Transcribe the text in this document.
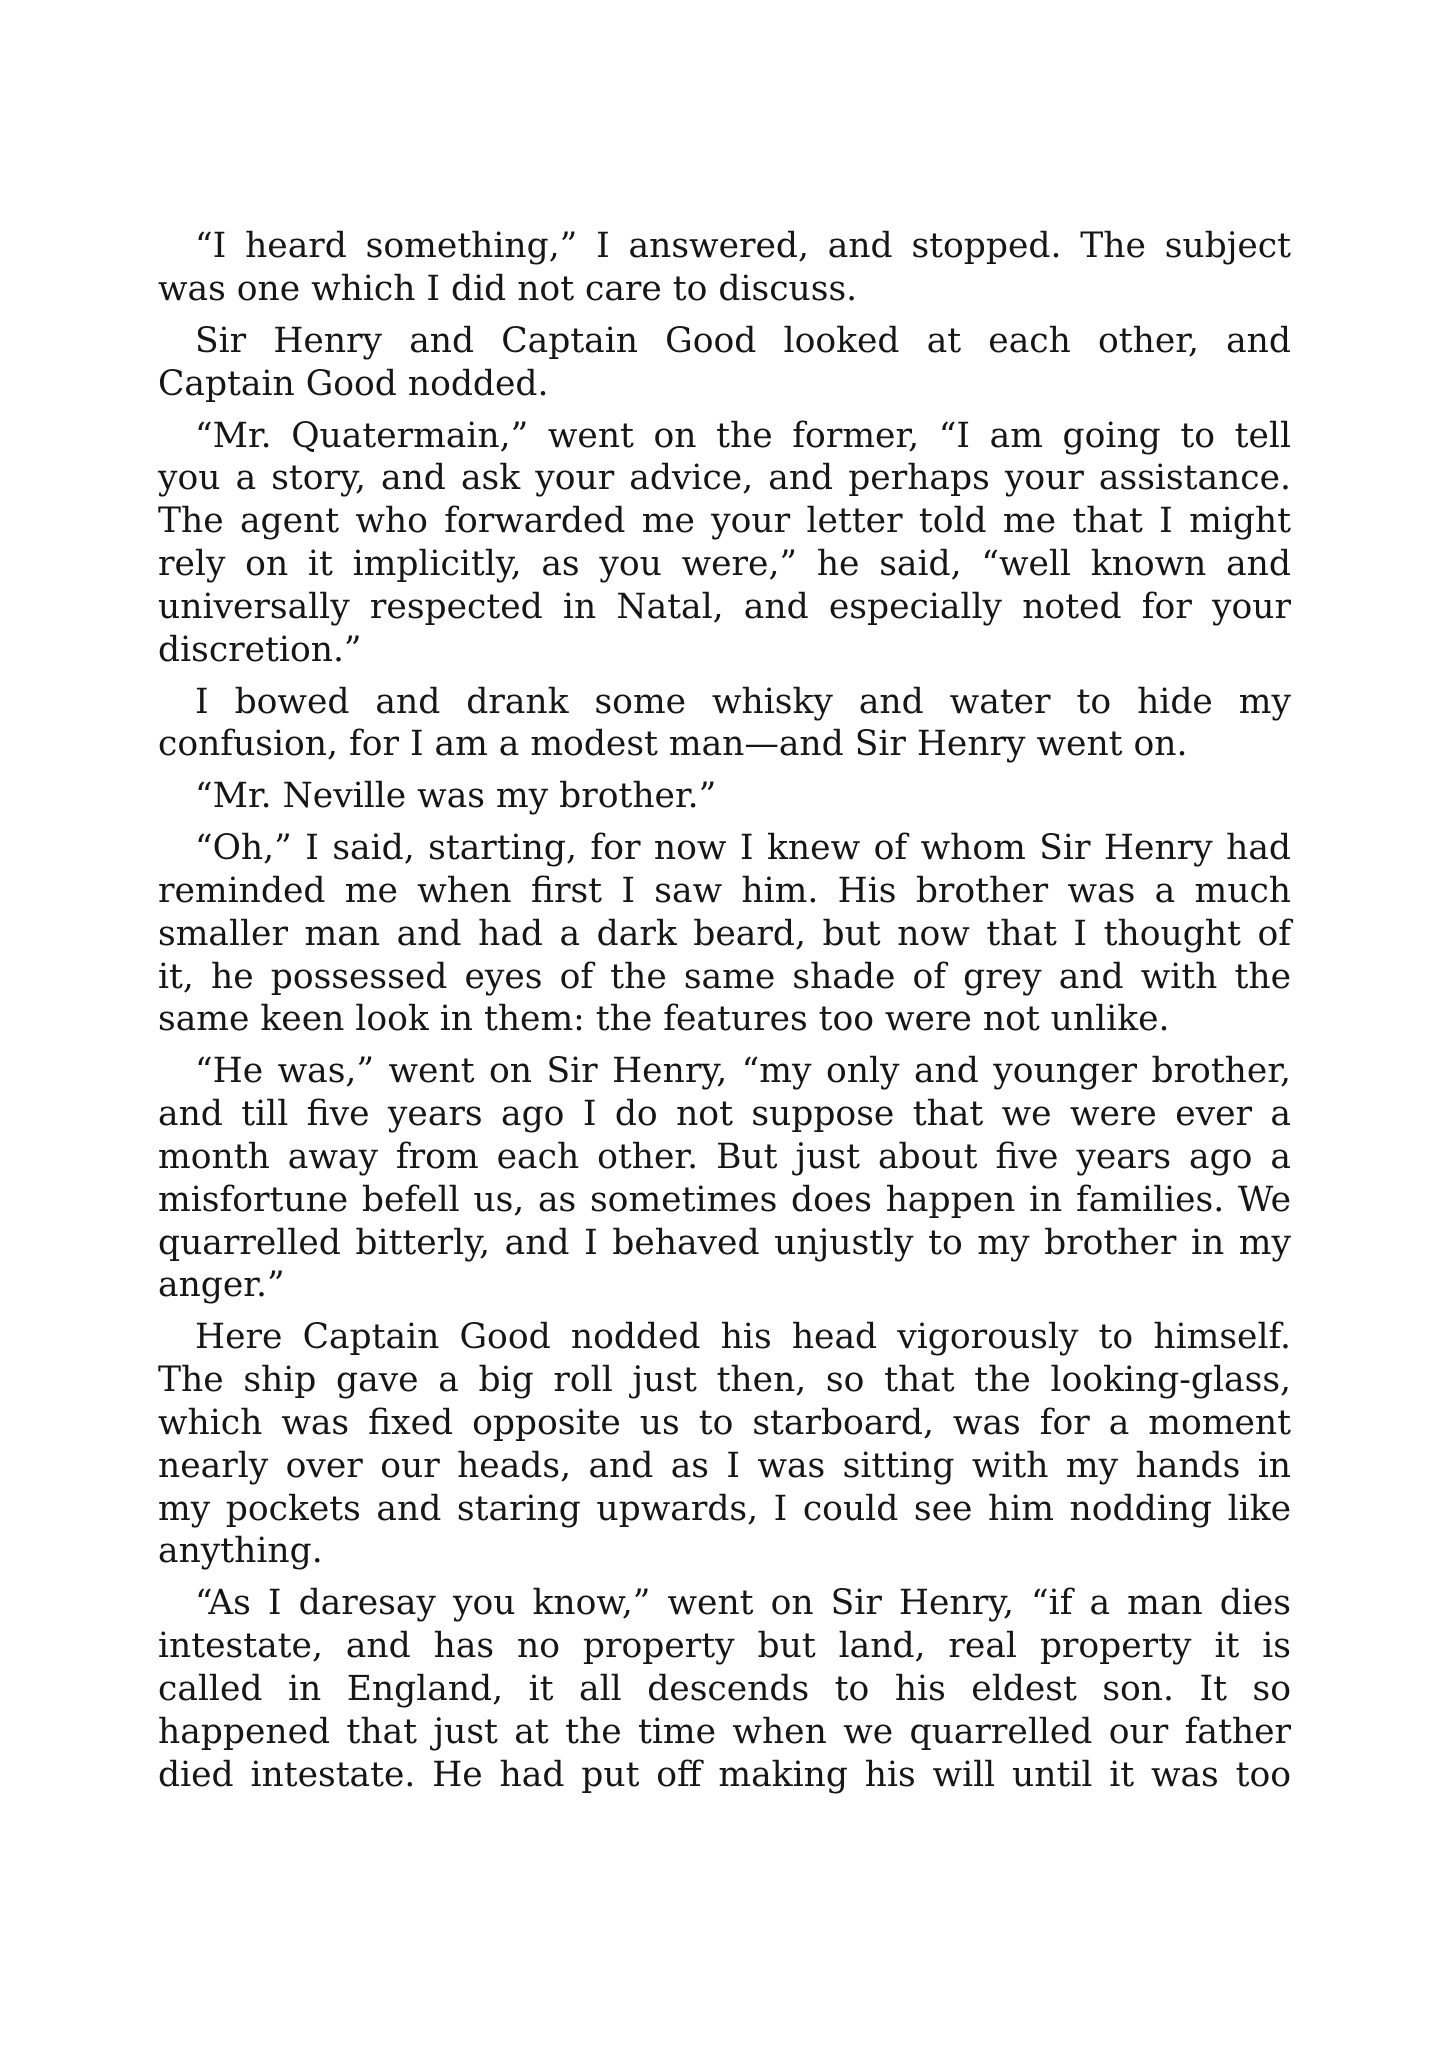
“I heard something,” I answered, and stopped. The subject
was one which I did not care to discuss.
Sir Henry and Captain Good looked at each other, and
Captain Good nodded.
“Mr. Quatermain,” went on the former, “I am going to tell
you a story, and ask your advice, and perhaps your assistance.
The agent who forwarded me your letter told me that I might
rely on it implicitly, as you were,” he said, “well known and
universally respected in Natal, and especially noted for your
discretion.”
I bowed and drank some whisky and water to hide my
confusion, for I am a modest man—and Sir Henry went on.
“Mr. Neville was my brother.”
“Oh,” I said, starting, for now I knew of whom Sir Henry had
reminded me when first I saw him. His brother was a much
smaller man and had a dark beard, but now that I thought of
it, he possessed eyes of the same shade of grey and with the
same keen look in them: the features too were not unlike.
“He was,” went on Sir Henry, “my only and younger brother,
and till five years ago I do not suppose that we were ever a
month away from each other. But just about five years ago a
misfortune befell us, as sometimes does happen in families. We
quarrelled bitterly, and I behaved unjustly to my brother in my
anger.”
Here Captain Good nodded his head vigorously to himself.
The ship gave a big roll just then, so that the looking-glass,
which was fixed opposite us to starboard, was for a moment
nearly over our heads, and as I was sitting with my hands in
my pockets and staring upwards, I could see him nodding like
anything.
“As I daresay you know,” went on Sir Henry, “if a man dies
intestate, and has no property but land, real property it is
called in England, it all descends to his eldest son. It so
happened that just at the time when we quarrelled our father
died intestate. He had put off making his will until it was too
